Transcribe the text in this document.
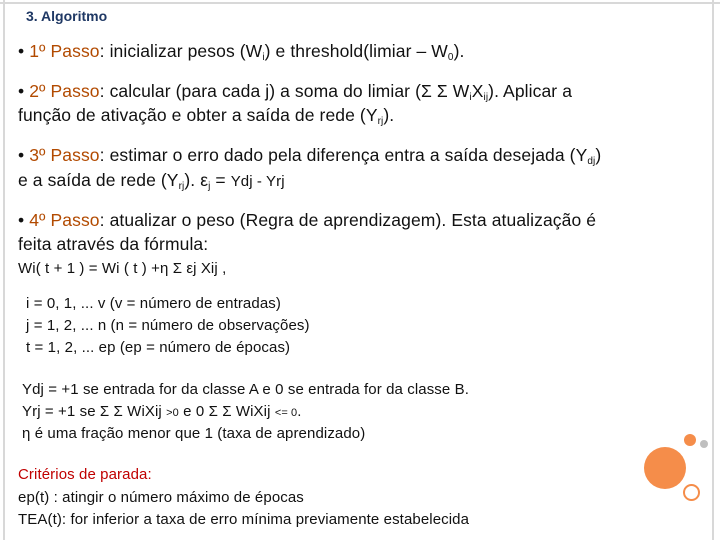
3. Algoritmo
• 1º Passo: inicializar pesos (Wi) e threshold(limiar – W0).
• 2º Passo: calcular (para cada j) a soma do limiar (Σ Σ WiXij). Aplicar a
função de ativação e obter a saída de rede (Yrj).
• 3º Passo: estimar o erro dado pela diferença entra a saída desejada (Ydj)
e a saída de rede (Yrj). εj = Ydj - Yrj
• 4º Passo: atualizar o peso (Regra de aprendizagem). Esta atualização é
feita através da fórmula:
Wi( t + 1 ) = Wi ( t ) +η Σ εj Xij ,
i = 0, 1, ... v (v = número de entradas)
j = 1, 2, ... n (n = número de observações)
t = 1, 2, ... ep (ep = número de épocas)
Ydj = +1 se entrada for da classe A e 0 se entrada for da classe B.
Yrj = +1 se Σ Σ WiXij >0 e 0 Σ Σ WiXij <= 0.
η é uma fração menor que 1 (taxa de aprendizado)
Critérios de parada:
ep(t) : atingir o número máximo de épocas
TEA(t): for inferior a taxa de erro mínima previamente estabelecida
